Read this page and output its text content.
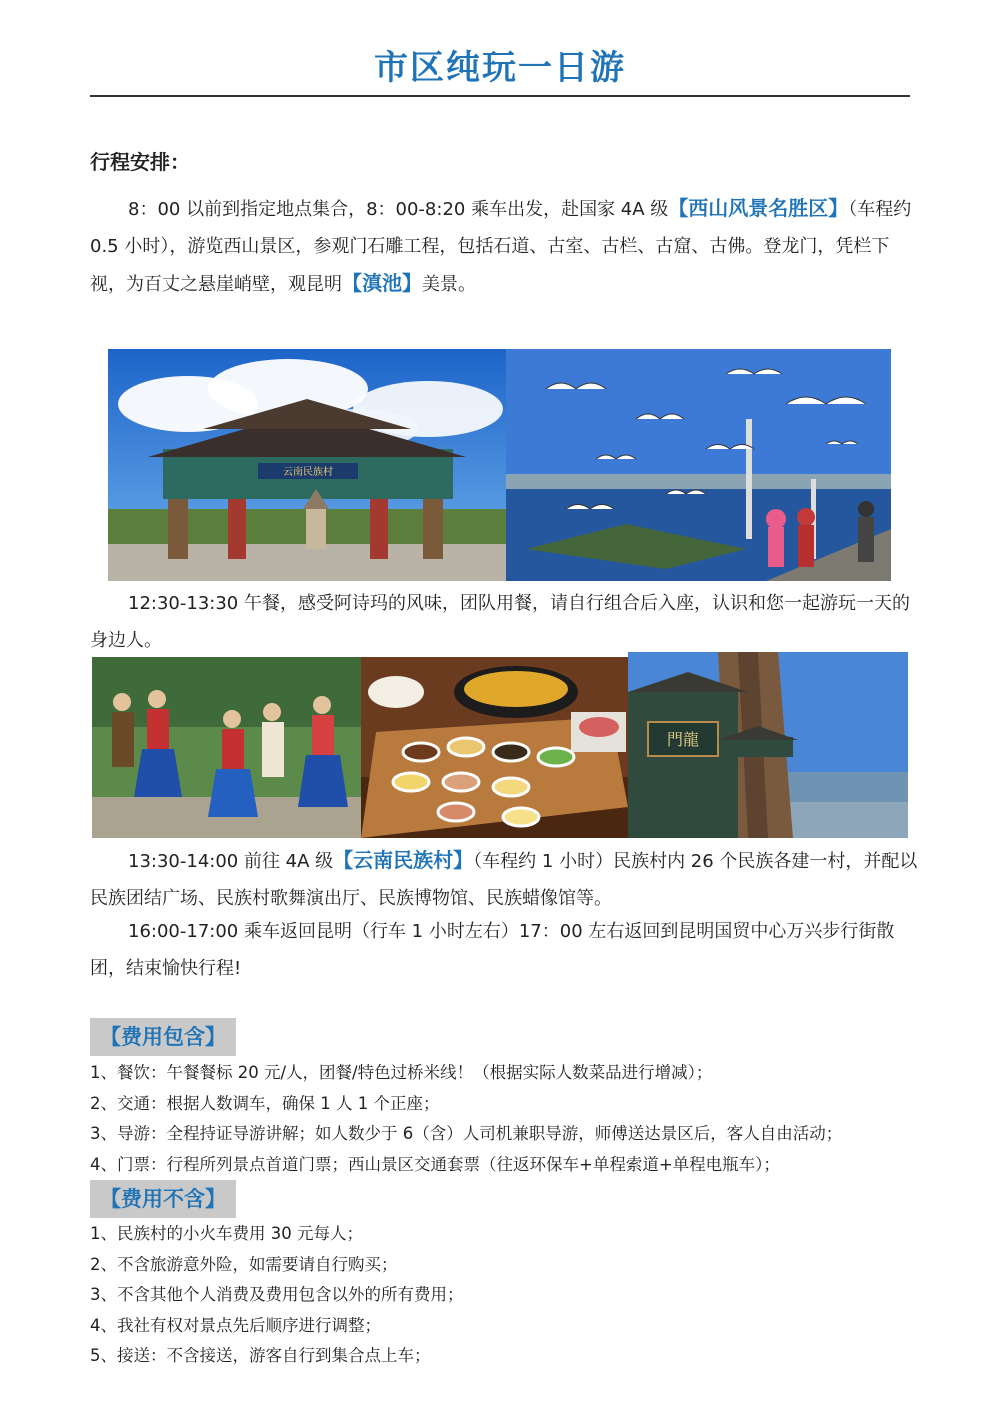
市区纯玩一日游
行程安排：

8：00 以前到指定地点集合，8：00-8:20 乘车出发，赴国家 4A 级【西山风景名胜区】（车程约 0.5 小时），游览西山景区，参观门石雕工程，包括石道、古室、古栏、古窟、古佛。登龙门，凭栏下视，为百丈之悬崖峭壁，观昆明【滇池】美景。

云南民族村

12:30-13:30 午餐，感受阿诗玛的风味，团队用餐，请自行组合后入座，认识和您一起游玩一天的身边人。

門龍

13:30-14:00 前往 4A 级【云南民族村】（车程约 1 小时）民族村内 26 个民族各建一村，并配以民族团结广场、民族村歌舞演出厅、民族博物馆、民族蜡像馆等。

16:00-17:00 乘车返回昆明（行车 1 小时左右）17：00 左右返回到昆明国贸中心万兴步行街散团，结束愉快行程!

【费用包含】
1、餐饮：午餐餐标 20 元/人，团餐/特色过桥米线！（根据实际人数菜品进行增减）；
2、交通：根据人数调车，确保 1 人 1 个正座；
3、导游：全程持证导游讲解；如人数少于 6（含）人司机兼职导游，师傅送达景区后，客人自由活动；
4、门票：行程所列景点首道门票；西山景区交通套票（往返环保车+单程索道+单程电瓶车）；
【费用不含】
1、民族村的小火车费用 30 元每人；
2、不含旅游意外险，如需要请自行购买；
3、不含其他个人消费及费用包含以外的所有费用；
4、我社有权对景点先后顺序进行调整；
5、接送：不含接送，游客自行到集合点上车；
